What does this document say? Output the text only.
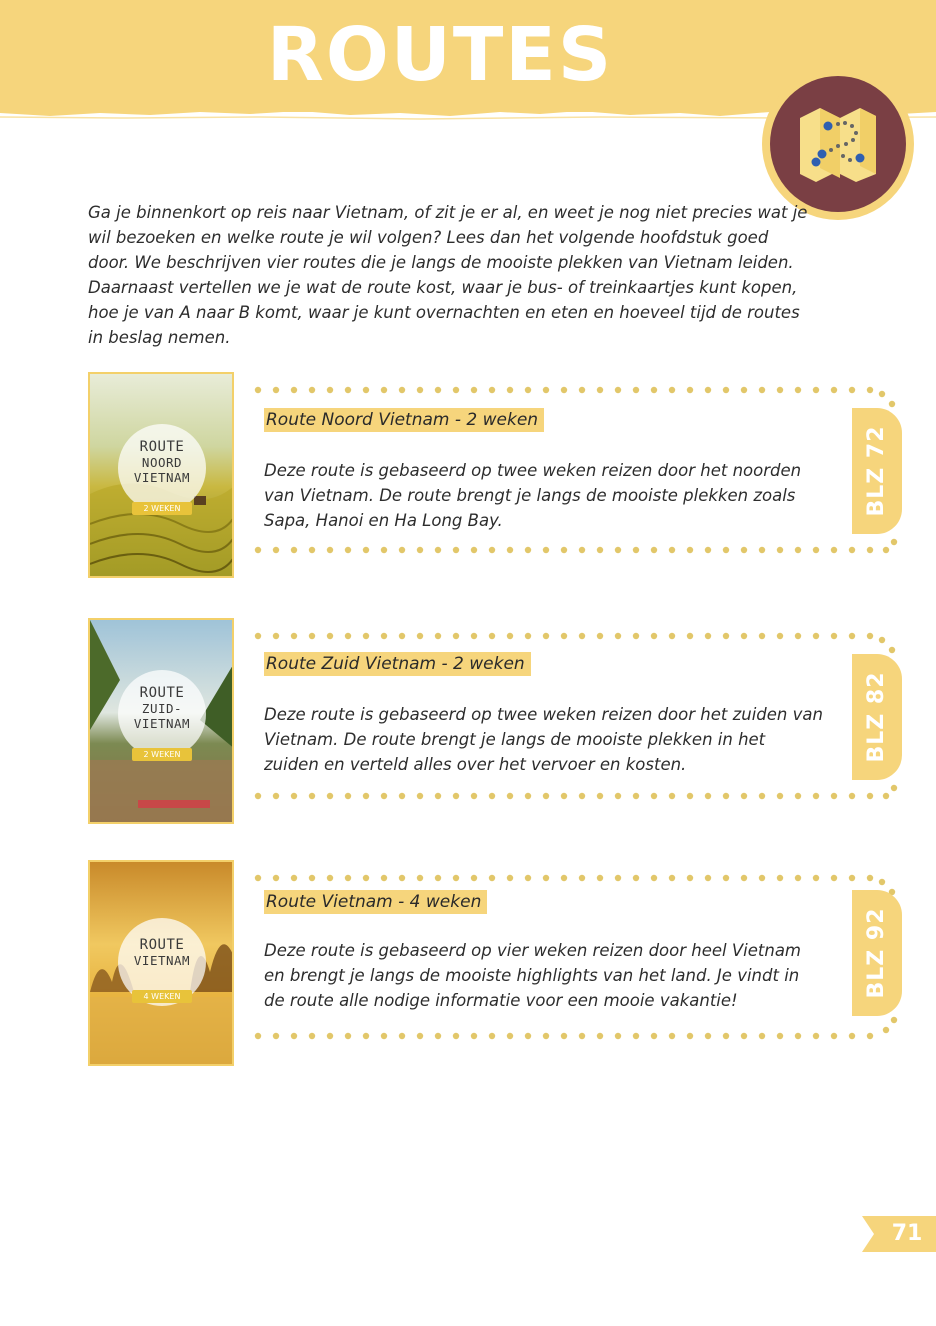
ROUTES
Ga je binnenkort op reis naar Vietnam, of zit je er al, en weet je nog niet precies wat je wil bezoeken en welke route je wil volgen? Lees dan het volgende hoofdstuk goed door. We beschrijven vier routes die je langs de mooiste plekken van Vietnam leiden. Daarnaast vertellen we je wat de route kost, waar je bus- of treinkaartjes kunt kopen, hoe je van A naar B komt, waar je kunt overnachten en eten en hoeveel tijd de routes in beslag nemen.
ROUTE
NOORD
VIETNAM
2 WEKEN
Route Noord Vietnam - 2 weken
Deze route is gebaseerd op twee weken reizen door het noorden van Vietnam. De route brengt je langs de mooiste plekken zoals Sapa, Hanoi en Ha Long Bay.
BLZ 72
ROUTE
ZUID-
VIETNAM
2 WEKEN
Route Zuid Vietnam - 2 weken
Deze route is gebaseerd op twee weken reizen door het zuiden van Vietnam. De route brengt je langs de mooiste plekken in het zuiden en verteld alles over het vervoer en kosten.
BLZ 82
ROUTE
VIETNAM
4 WEKEN
Route Vietnam - 4 weken
Deze route is gebaseerd op vier weken reizen door heel Vietnam en brengt je langs de mooiste highlights van het land. Je vindt in de route alle nodige informatie voor een mooie vakantie!
BLZ 92
71
